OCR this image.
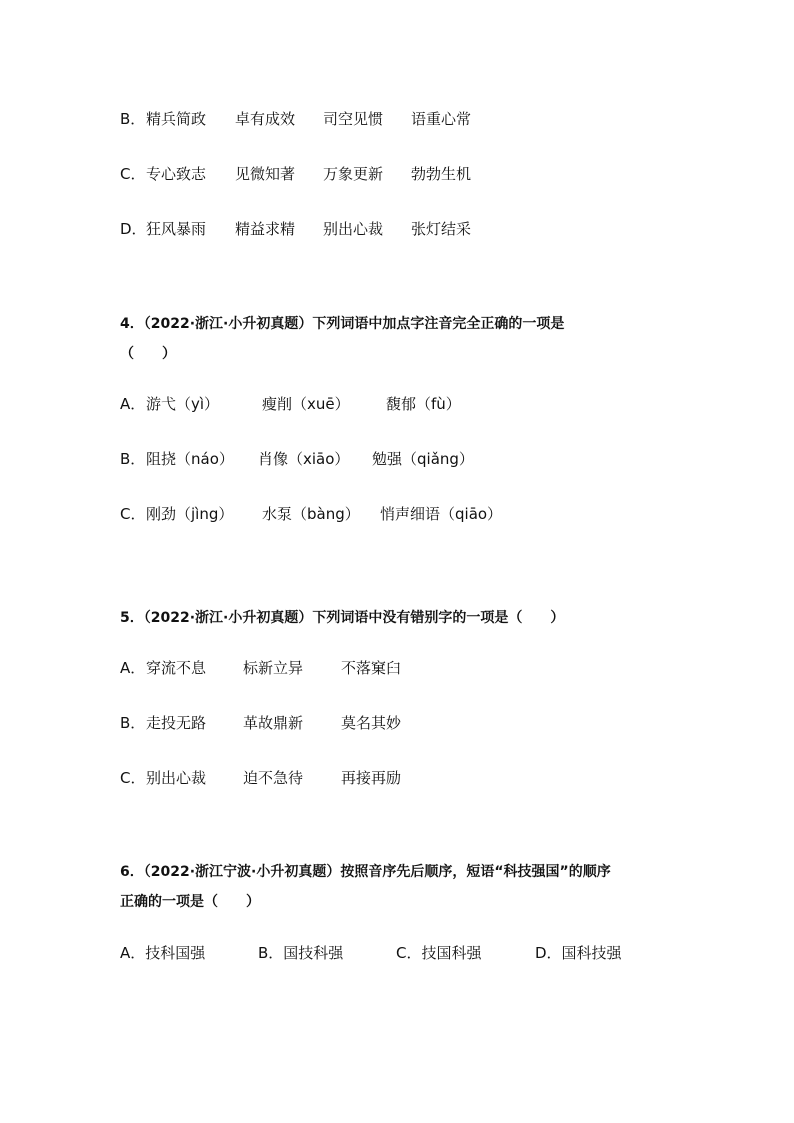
B． 精兵简政 卓有成效 司空见惯 语重心常
C． 专心致志 见微知著 万象更新 勃勃生机
D． 狂风暴雨 精益求精 别出心裁 张灯结采
4．（2022·浙江·小升初真题）下列词语中加点字注音完全正确的一项是
（　　）
A． 游弋（yì）	瘦削（xuē） 馥郁（fù）
B． 阻挠（náo） 肖像（xiāo） 勉强（qiǎng）
C． 刚劲（jìng） 水泵（bàng） 悄声细语（qiāo）
5．（2022·浙江·小升初真题）下列词语中没有错别字的一项是（　　）
A． 穿流不息 标新立异	不落窠臼
B． 走投无路 革故鼎新	莫名其妙
C． 别出心裁 迫不急待	再接再励
6．（2022·浙江宁波·小升初真题）按照音序先后顺序，短语“科技强国”的顺序
正确的一项是（　　）
A．技科国强	B．国技科强	C．技国科强	D．国科技强
